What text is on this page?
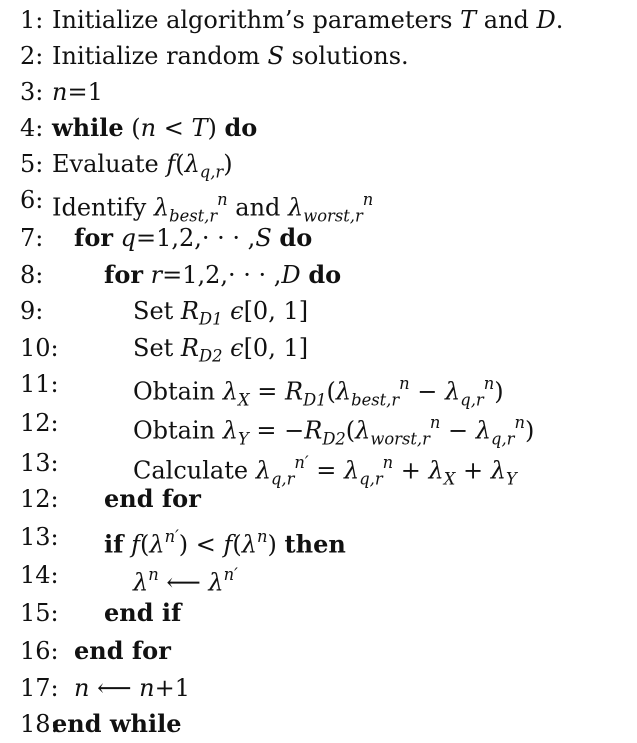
1: Initialize algorithm’s parameters T and D.
2: Initialize random S solutions.
3: n=1
4: while (n < T) do
5: Evaluate $f(\lambda_{q,r})$
6: Identify $\lambda_{best,r}^n$ and $\lambda_{worst,r}^n$
7: for q=1,2,· · · ,S do
8:	for r=1,2,· · · ,D do
9:	Set $R_{D1}$ ϵ[0, 1]
10:	Set $R_{D2}$ ϵ[0, 1]
11:	Obtain $\lambda_X = R_{D1}(\lambda_{best,r}^n - \lambda_{q,r}^n)$
12:	Obtain $\lambda_Y = -R_{D2}(\lambda_{worst,r}^n - \lambda_{q,r}^n)$
13:	Calculate $\lambda_{q,r}^{n'} = \lambda_{q,r}^n + \lambda_X + \lambda_Y$
12: end for
13: if $f(\lambda^{n'}) < f(\lambda^n)$ then
14:	$\lambda^n$ ⟵ $\lambda^{n'}$
15: end if
16: end for
17: n ⟵ n+1
18:
end while
